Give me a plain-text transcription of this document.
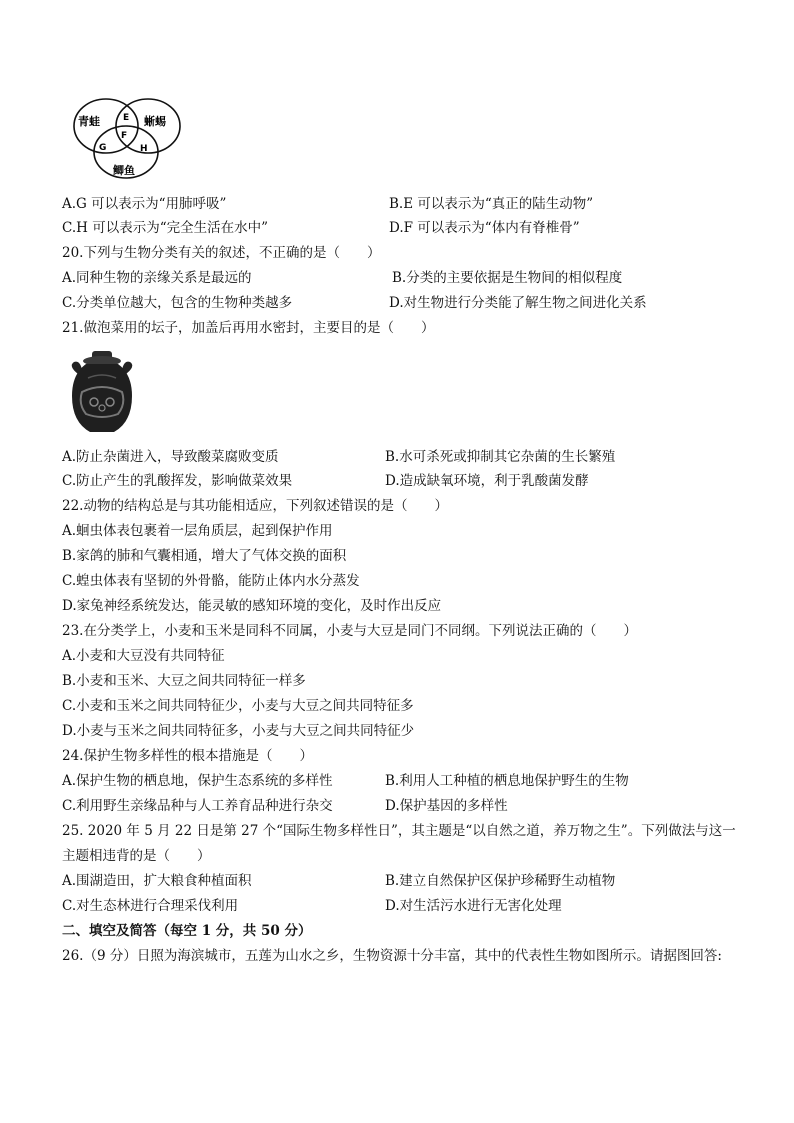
青蛙	蜥蜴
鲫鱼
E
F
G	H
A.G 可以表示为“用肺呼吸”	B.E 可以表示为“真正的陆生动物”
C.H 可以表示为“完全生活在水中”	D.F 可以表示为“体内有脊椎骨”
20.下列与生物分类有关的叙述，不正确的是（　　）
A.同种生物的亲缘关系是最远的	B.分类的主要依据是生物间的相似程度
C.分类单位越大，包含的生物种类越多	D.对生物进行分类能了解生物之间进化关系
21.做泡菜用的坛子，加盖后再用水密封，主要目的是（　　）
A.防止杂菌进入，导致酸菜腐败变质	B.水可杀死或抑制其它杂菌的生长繁殖
C.防止产生的乳酸挥发，影响做菜效果	D.造成缺氧环境，利于乳酸菌发酵
22.动物的结构总是与其功能相适应，下列叙述错误的是（　　）
A.蛔虫体表包裹着一层角质层，起到保护作用
B.家鸽的肺和气囊相通，增大了气体交换的面积
C.蝗虫体表有坚韧的外骨骼，能防止体内水分蒸发
D.家兔神经系统发达，能灵敏的感知环境的变化，及时作出反应
23.在分类学上，小麦和玉米是同科不同属，小麦与大豆是同门不同纲。下列说法正确的（　　）
A.小麦和大豆没有共同特征
B.小麦和玉米、大豆之间共同特征一样多
C.小麦和玉米之间共同特征少，小麦与大豆之间共同特征多
D.小麦与玉米之间共同特征多，小麦与大豆之间共同特征少
24.保护生物多样性的根本措施是（　　）
A.保护生物的栖息地，保护生态系统的多样性	B.利用人工种植的栖息地保护野生的生物
C.利用野生亲缘品种与人工养育品种进行杂交	D.保护基因的多样性
25. 2020 年 5 月 22 日是第 27 个“国际生物多样性日”，其主题是“以自然之道，养万物之生”。下列做法与这一
主题相违背的是（　　）
A.围湖造田，扩大粮食种植面积	B.建立自然保护区保护珍稀野生动植物
C.对生态林进行合理采伐利用	D.对生活污水进行无害化处理
二、填空及简答（每空 1 分，共 50 分）
26.（9 分）日照为海滨城市，五莲为山水之乡，生物资源十分丰富，其中的代表性生物如图所示。请据图回答:
